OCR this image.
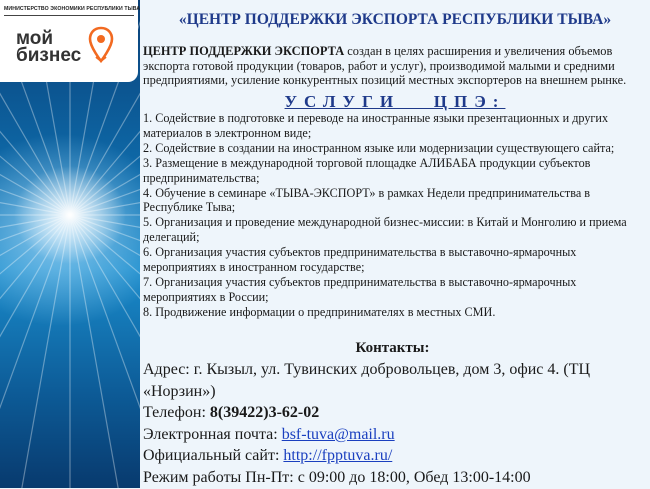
МИНИСТЕРСТВО ЭКОНОМИКИ РЕСПУБЛИКИ ТЫВА
мой
бизнес
«ЦЕНТР ПОДДЕРЖКИ ЭКСПОРТА РЕСПУБЛИКИ ТЫВА»

ЦЕНТР ПОДДЕРЖКИ ЭКСПОРТА создан в целях расширения и увеличения объемов экспорта готовой продукции (товаров, работ и услуг), производимой малыми и средними предприятиями, усиление конкурентных позиций местных экспортеров на внешнем рынке.

УСЛУГИ   ЦПЭ:
1. Содействие в подготовке и переводе на иностранные языки презентационных и других материалов в электронном виде;
2. Содействие в создании на иностранном языке или модернизации существующего сайта;
3. Размещение в международной торговой площадке АЛИБАБА продукции субъектов предпринимательства;
4. Обучение в семинаре «ТЫВА-ЭКСПОРТ» в рамках Недели предпринимательства в Республике Тыва;
5. Организация и проведение международной бизнес-миссии: в Китай и Монголию и приема делегаций;
6. Организация участия субъектов предпринимательства в выставочно-ярмарочных мероприятиях в иностранном государстве;
7. Организация участия субъектов предпринимательства в выставочно-ярмарочных мероприятиях в России;
8. Продвижение информации о предпринимателях в местных СМИ.
Контакты:
Адрес: г. Кызыл, ул. Тувинских добровольцев, дом 3, офис 4. (ТЦ «Норзин»)
Телефон: 8(39422)3-62-02
Электронная почта: bsf-tuva@mail.ru
Официальный сайт: http://fpptuva.ru/
Режим работы Пн-Пт: с 09:00 до 18:00, Обед 13:00-14:00
